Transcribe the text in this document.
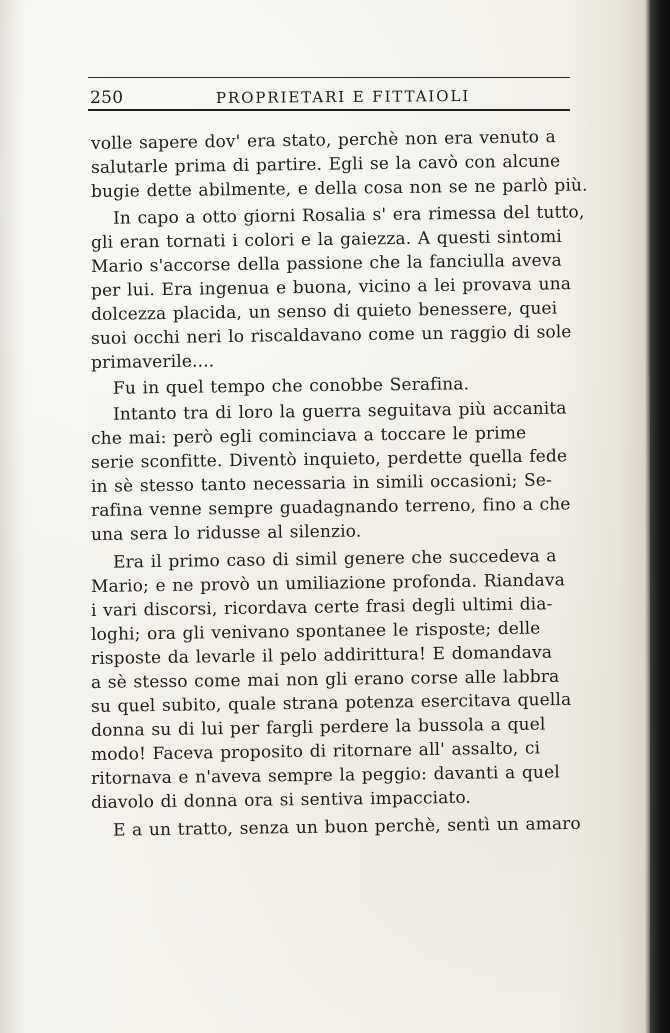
250	PROPRIETARI E FITTAIOLI
volle sapere dov' era stato, perchè non era venuto a
salutarle prima di partire. Egli se la cavò con alcune
bugie dette abilmente, e della cosa non se ne parlò più.
In capo a otto giorni Rosalia s' era rimessa del tutto,
gli eran tornati i colori e la gaiezza. A questi sintomi
Mario s'accorse della passione che la fanciulla aveva
per lui. Era ingenua e buona, vicino a lei provava una
dolcezza placida, un senso di quieto benessere, quei
suoi occhi neri lo riscaldavano come un raggio di sole
primaverile....
Fu in quel tempo che conobbe Serafina.
Intanto tra di loro la guerra seguitava più accanita
che mai: però egli cominciava a toccare le prime
serie sconfitte. Diventò inquieto, perdette quella fede
in sè stesso tanto necessaria in simili occasioni; Se-
rafina venne sempre guadagnando terreno, fino a che
una sera lo ridusse al silenzio.
Era il primo caso di simil genere che succedeva a
Mario; e ne provò un umiliazione profonda. Riandava
i vari discorsi, ricordava certe frasi degli ultimi dia-
loghi; ora gli venivano spontanee le risposte; delle
risposte da levarle il pelo addirittura! E domandava
a sè stesso come mai non gli erano corse alle labbra
su quel subito, quale strana potenza esercitava quella
donna su di lui per fargli perdere la bussola a quel
modo! Faceva proposito di ritornare all' assalto, ci
ritornava e n'aveva sempre la peggio: davanti a quel
diavolo di donna ora si sentiva impacciato.
E a un tratto, senza un buon perchè, sentì un amaro
